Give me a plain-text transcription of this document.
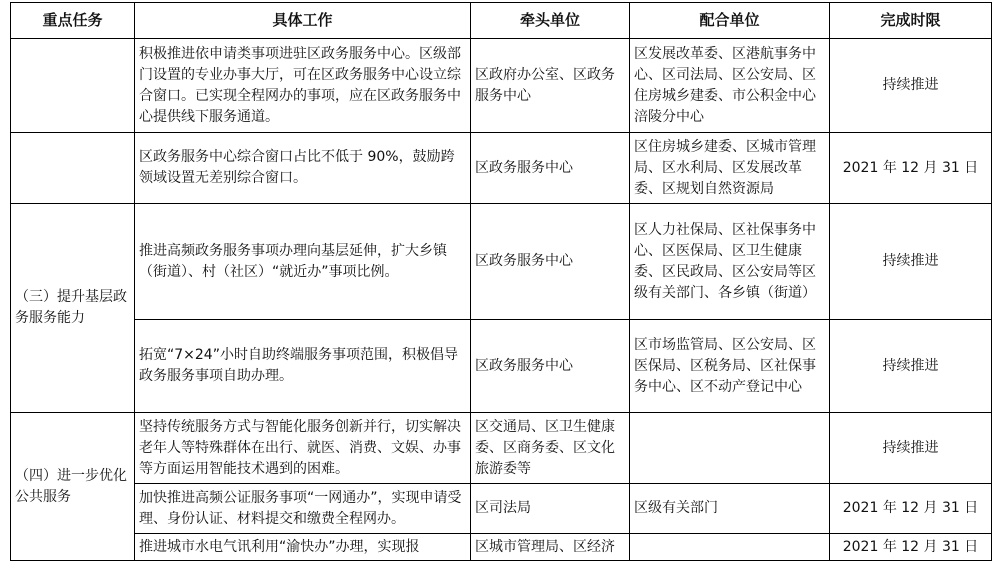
重点任务	具体工作	牵头单位	配合单位	完成时限
	积极推进依申请类事项进驻区政务服务中心。区级部门设置的专业办事大厅，可在区政务服务中心设立综合窗口。已实现全程网办的事项，应在区政务服务中心提供线下服务通道。	区政府办公室、区政务服务中心	区发展改革委、区港航事务中心、区司法局、区公安局、区住房城乡建委、市公积金中心涪陵分中心	持续推进
	区政务服务中心综合窗口占比不低于 90%，鼓励跨领域设置无差别综合窗口。	区政务服务中心	区住房城乡建委、区城市管理局、区水利局、区发展改革委、区规划自然资源局	2021 年 12 月 31 日
（三）提升基层政务服务能力	推进高频政务服务事项办理向基层延伸，扩大乡镇（街道）、村（社区）“就近办”事项比例。	区政务服务中心	区人力社保局、区社保事务中心、区医保局、区卫生健康委、区民政局、区公安局等区级有关部门、各乡镇（街道）	持续推进
	拓宽“7×24”小时自助终端服务事项范围，积极倡导政务服务事项自助办理。	区政务服务中心	区市场监管局、区公安局、区医保局、区税务局、区社保事务中心、区不动产登记中心	持续推进
（四）进一步优化公共服务	坚持传统服务方式与智能化服务创新并行，切实解决老年人等特殊群体在出行、就医、消费、文娱、办事等方面运用智能技术遇到的困难。	区交通局、区卫生健康委、区商务委、区文化旅游委等		持续推进
	加快推进高频公证服务事项“一网通办”，实现申请受理、身份认证、材料提交和缴费全程网办。	区司法局	区级有关部门	2021 年 12 月 31 日
	推进城市水电气讯利用“渝快办”办理，实现报	区城市管理局、区经济		2021 年 12 月 31 日
